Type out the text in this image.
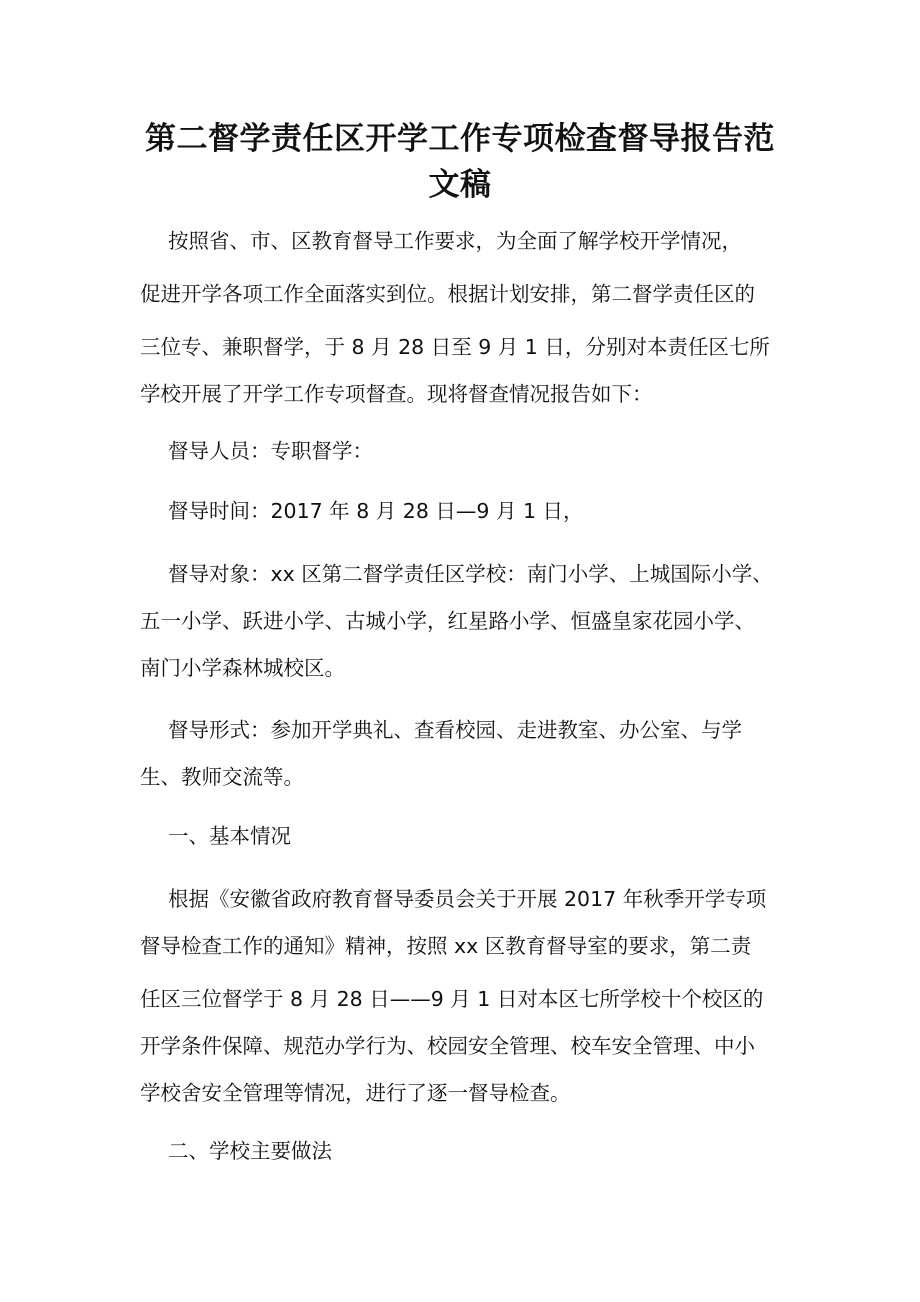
第二督学责任区开学工作专项检查督导报告范
文稿
按照省、市、区教育督导工作要求，为全面了解学校开学情况，
促进开学各项工作全面落实到位。根据计划安排，第二督学责任区的
三位专、兼职督学，于 8 月 28 日至 9 月 1 日，分别对本责任区七所
学校开展了开学工作专项督查。现将督查情况报告如下：
督导人员：专职督学：
督导时间：2017 年 8 月 28 日—9 月 1 日，
督导对象：xx 区第二督学责任区学校：南门小学、上城国际小学、
五一小学、跃进小学、古城小学，红星路小学、恒盛皇家花园小学、
南门小学森林城校区。
督导形式：参加开学典礼、查看校园、走进教室、办公室、与学
生、教师交流等。
一、基本情况
根据《安徽省政府教育督导委员会关于开展 2017 年秋季开学专项
督导检查工作的通知》精神，按照 xx 区教育督导室的要求，第二责
任区三位督学于 8 月 28 日——9 月 1 日对本区七所学校十个校区的
开学条件保障、规范办学行为、校园安全管理、校车安全管理、中小
学校舍安全管理等情况，进行了逐一督导检查。
二、学校主要做法
